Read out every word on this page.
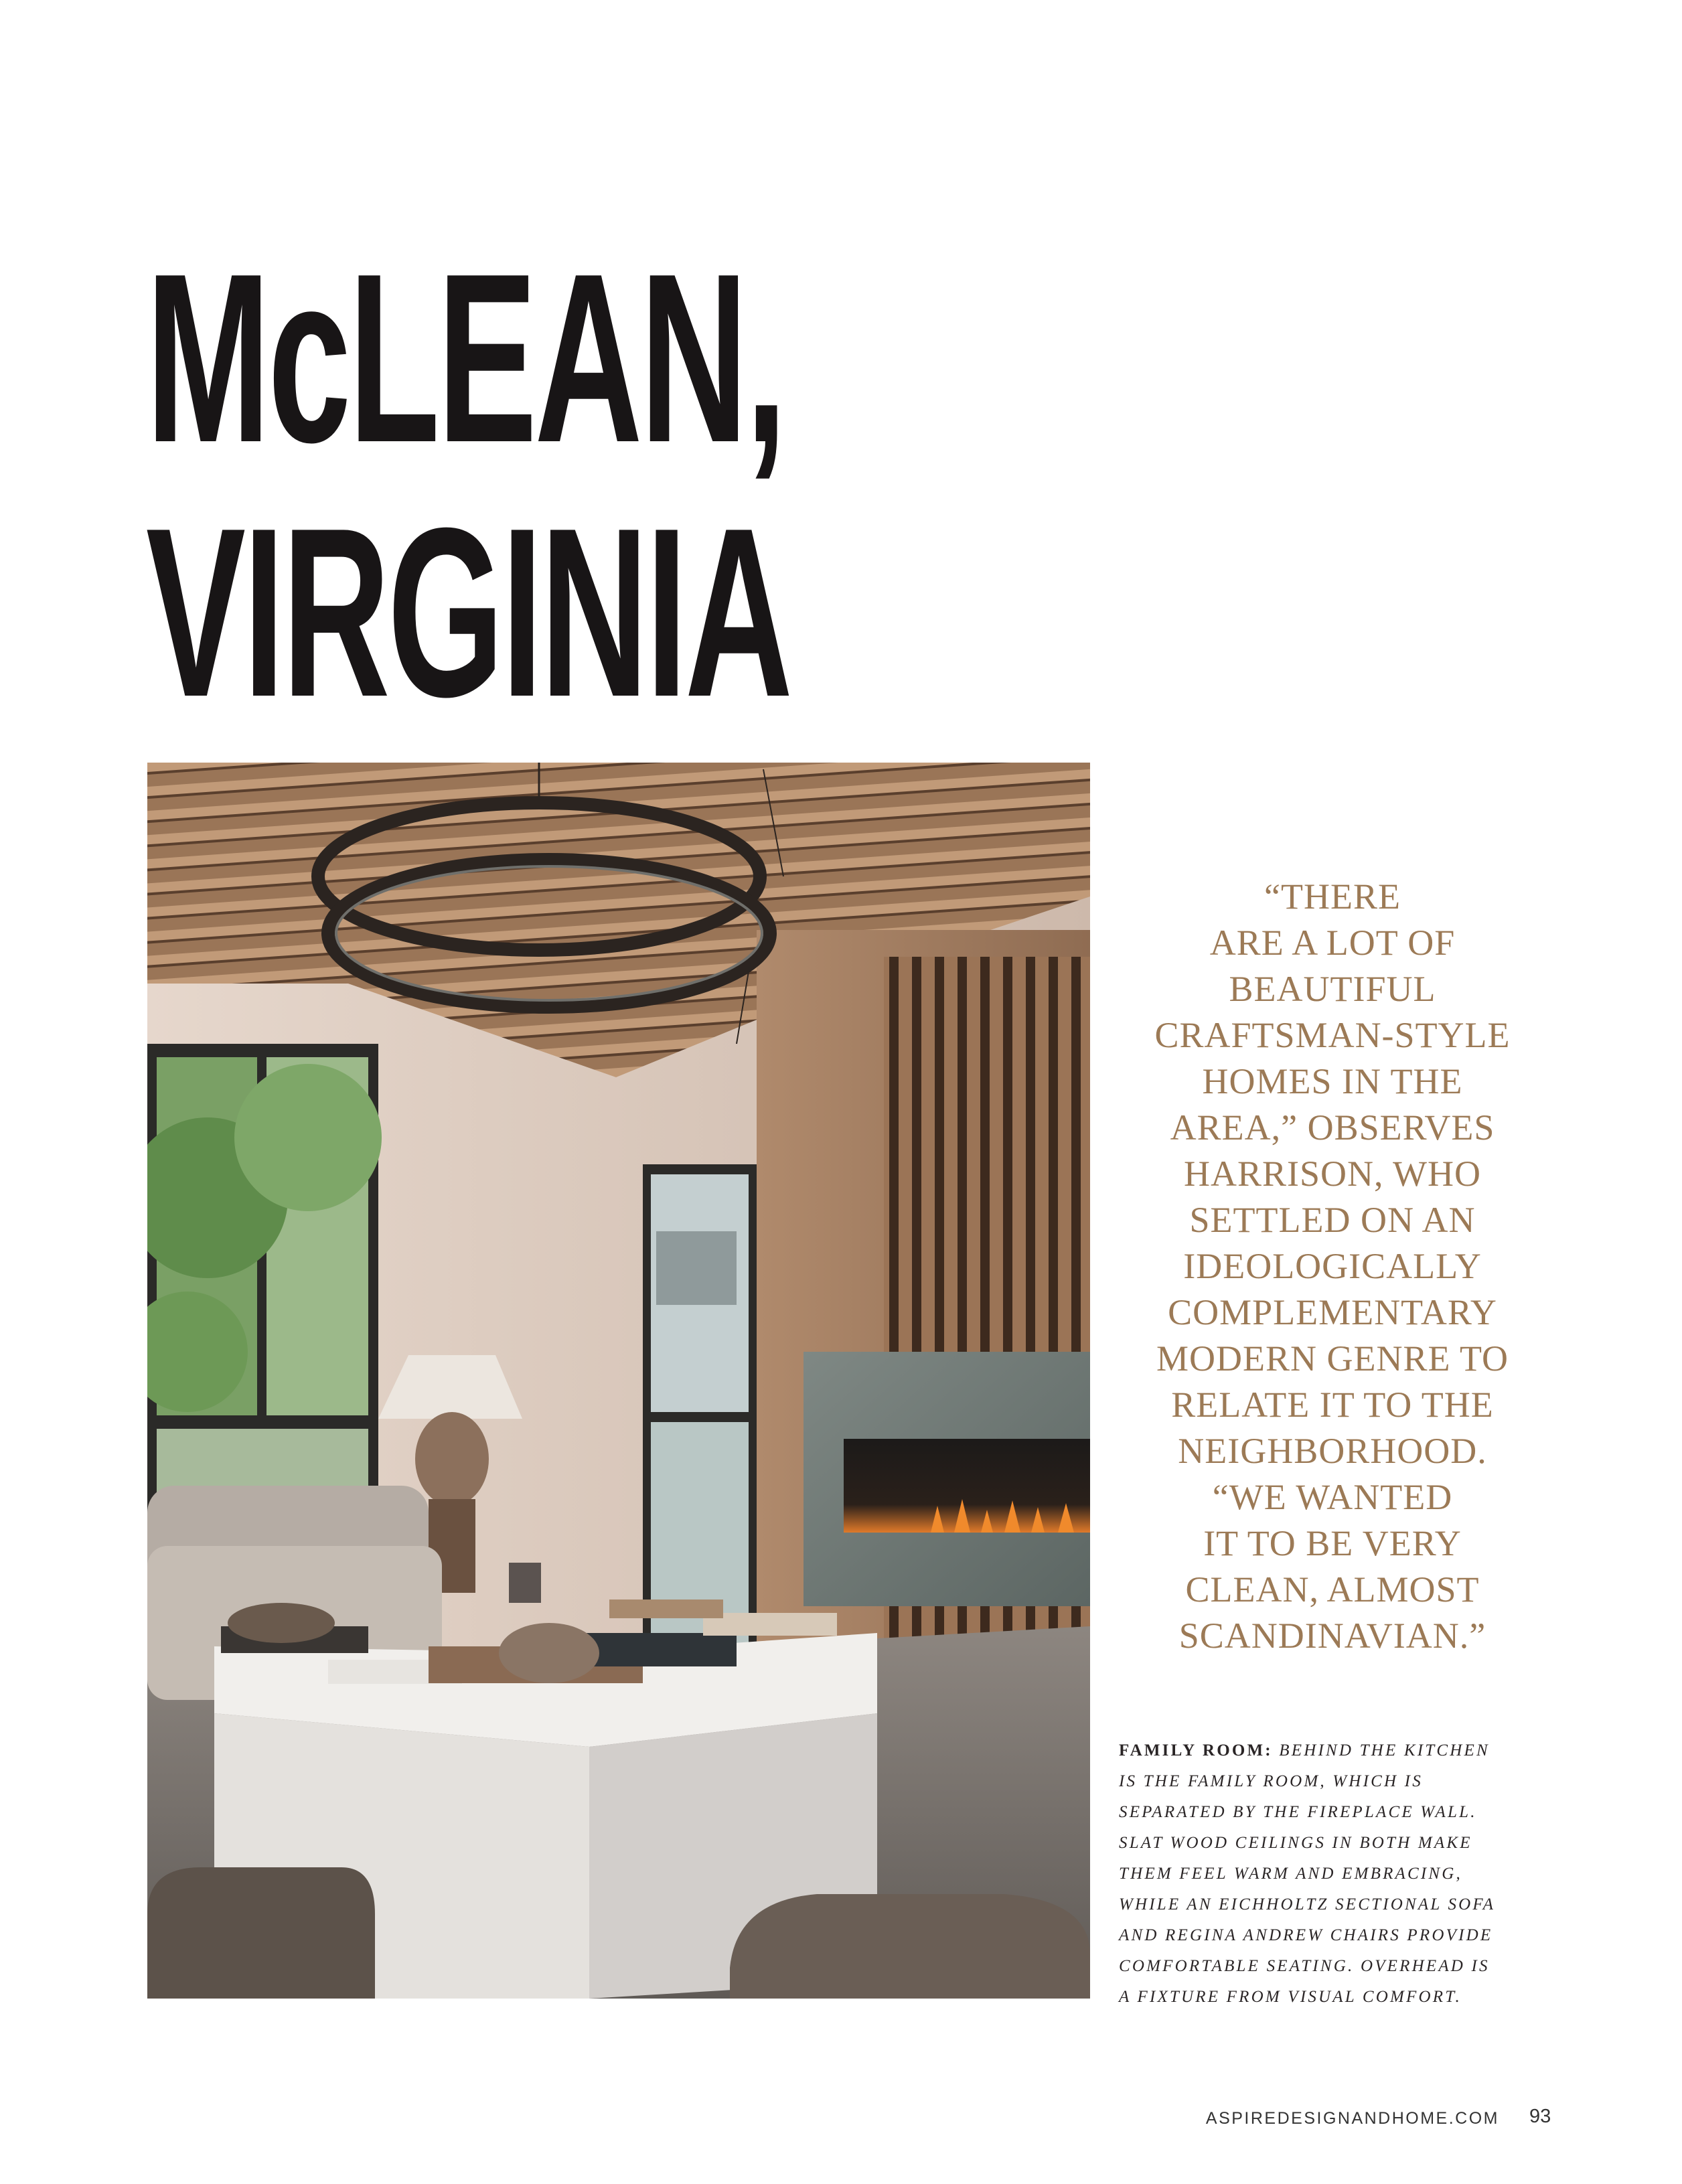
McLEAN,
VIRGINIA
“THERE
ARE A LOT OF
BEAUTIFUL
CRAFTSMAN-STYLE
HOMES IN THE
AREA,” OBSERVES
HARRISON, WHO
SETTLED ON AN
IDEOLOGICALLY
COMPLEMENTARY
MODERN GENRE TO
RELATE IT TO THE
NEIGHBORHOOD.
“WE WANTED
IT TO BE VERY
CLEAN, ALMOST
SCANDINAVIAN.”

FAMILY ROOM: BEHIND THE KITCHEN
IS THE FAMILY ROOM, WHICH IS
SEPARATED BY THE FIREPLACE WALL.
SLAT WOOD CEILINGS IN BOTH MAKE
THEM FEEL WARM AND EMBRACING,
WHILE AN EICHHOLTZ SECTIONAL SOFA
AND REGINA ANDREW CHAIRS PROVIDE
COMFORTABLE SEATING. OVERHEAD IS
A FIXTURE FROM VISUAL COMFORT.

ASPIREDESIGNANDHOME.COM 93
